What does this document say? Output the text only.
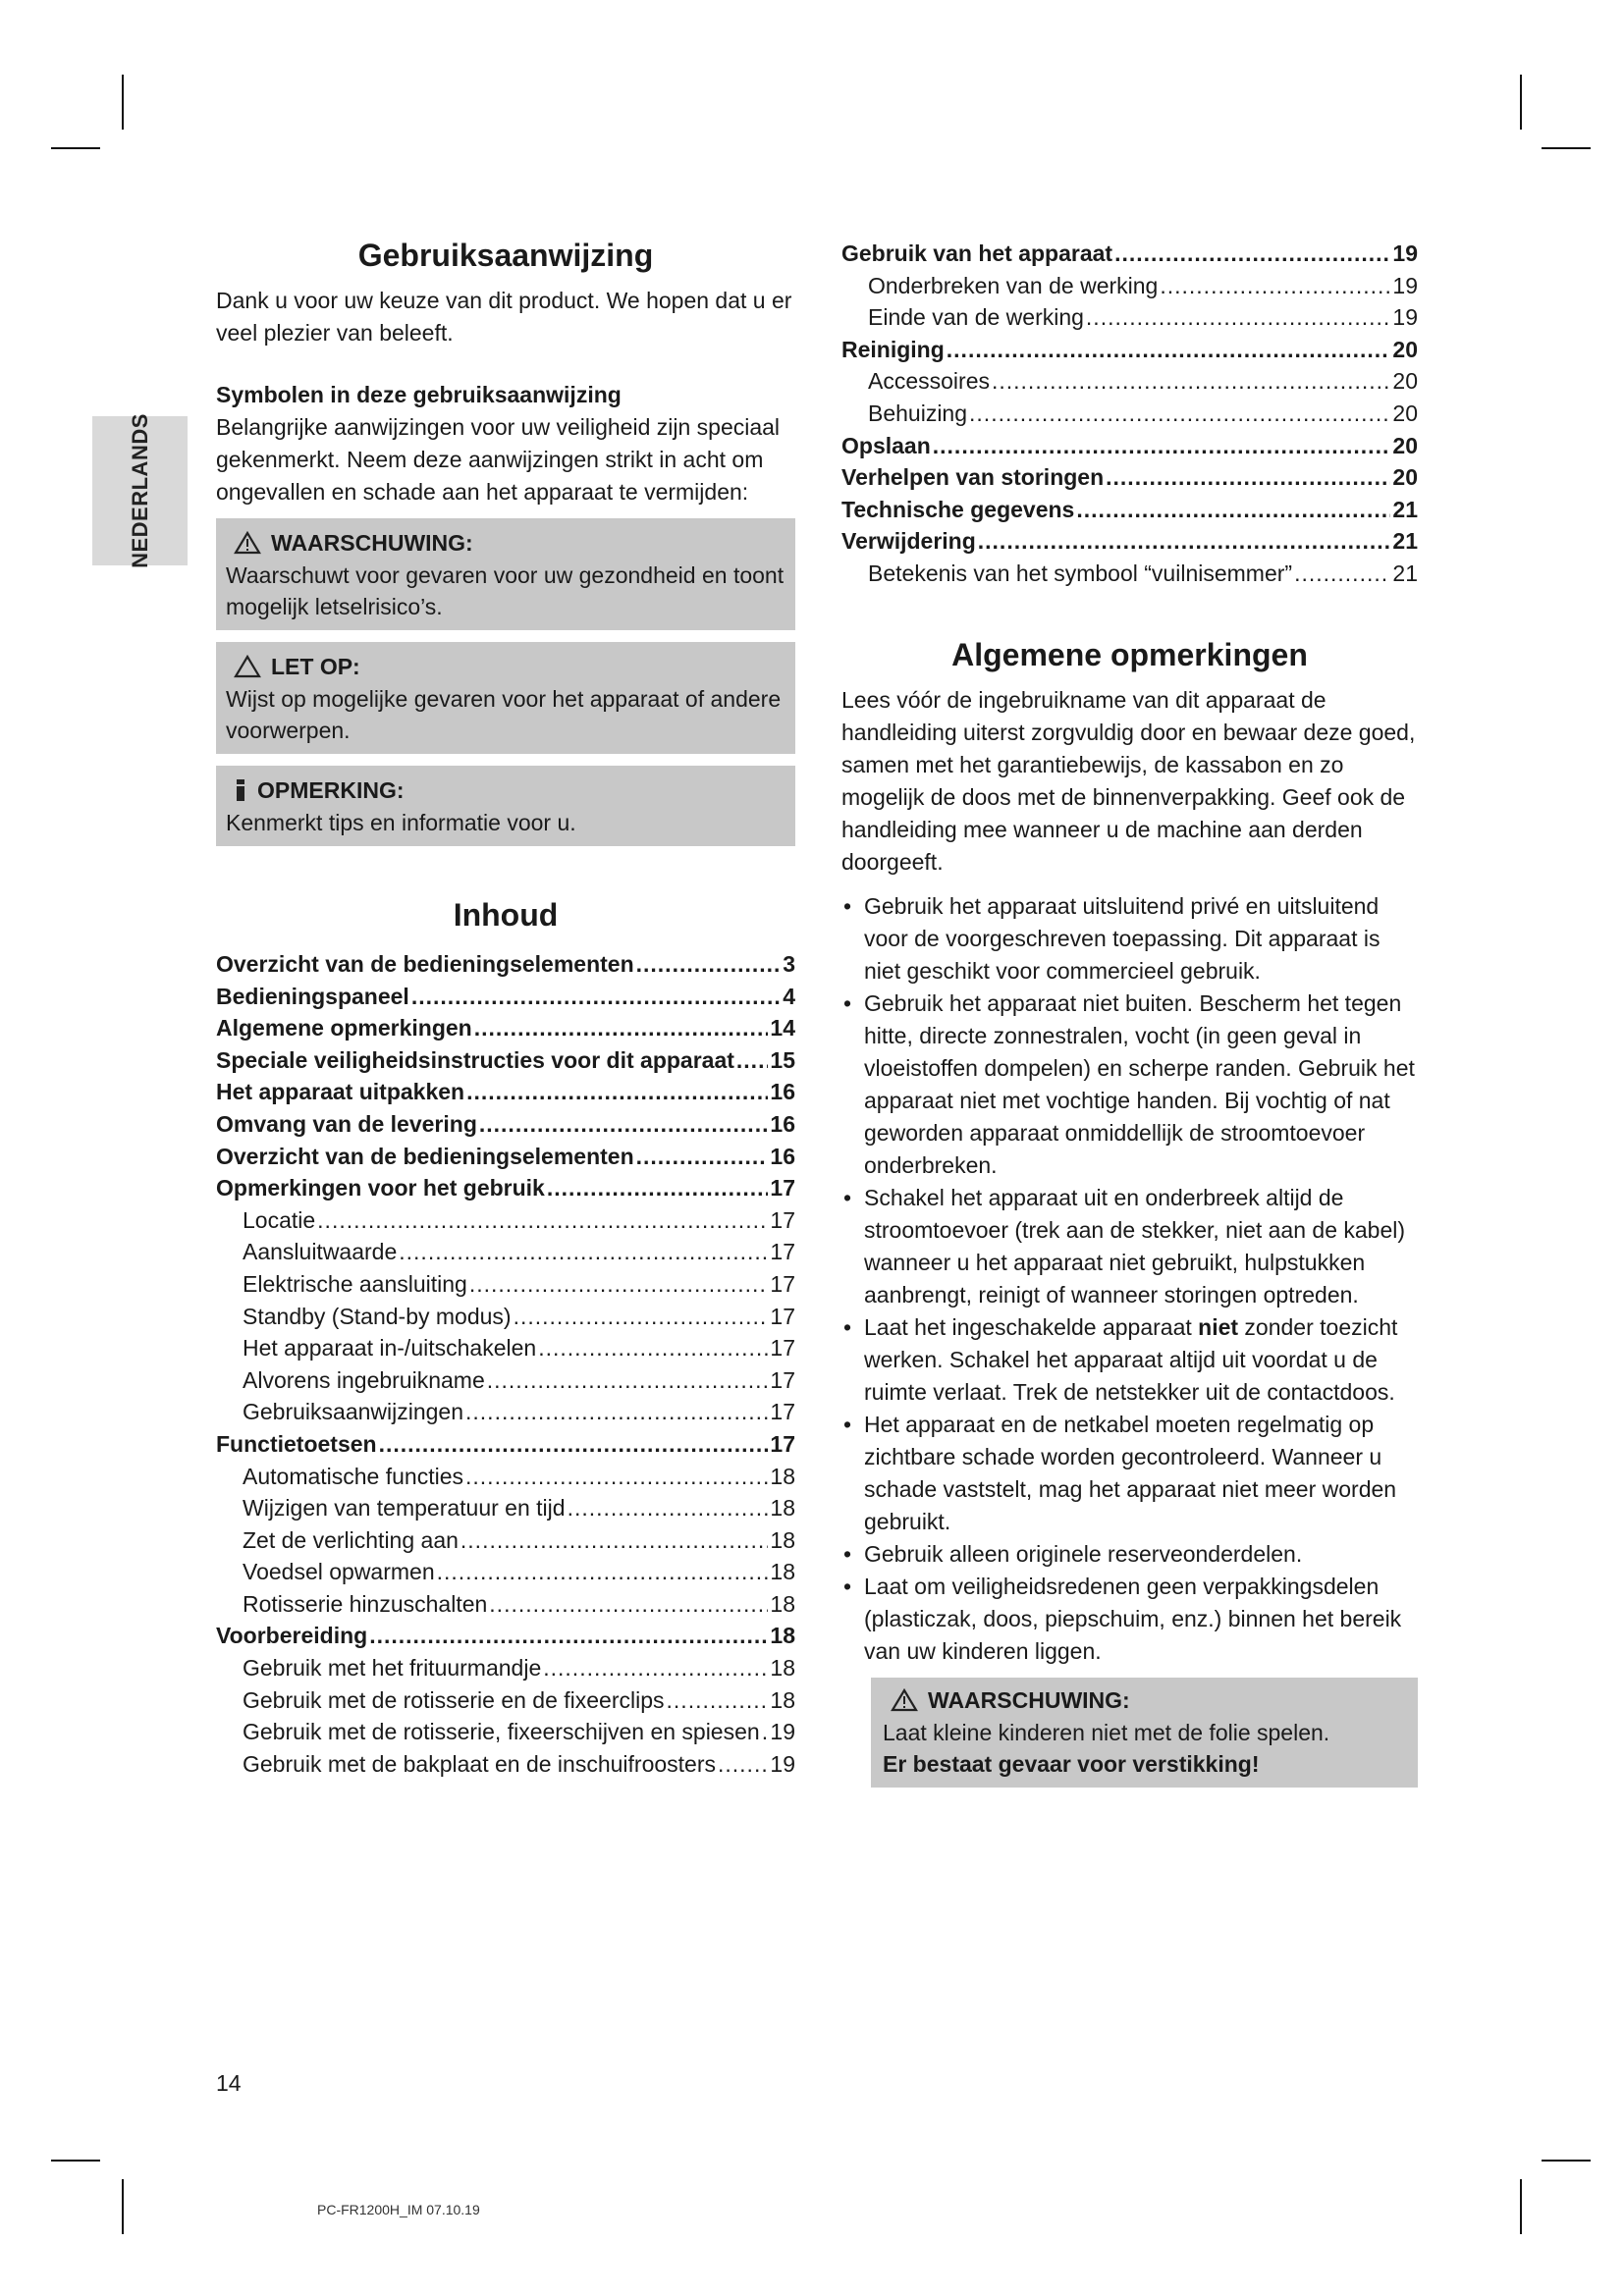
NEDERLANDS
Gebruiksaanwijzing

Dank u voor uw keuze van dit product. We hopen dat u er veel plezier van beleeft.

Symbolen in deze gebruiksaanwijzing

Belangrijke aanwijzingen voor uw veiligheid zijn speciaal gekenmerkt. Neem deze aanwijzingen strikt in acht om ongevallen en schade aan het apparaat te vermijden:

WAARSCHUWING:

Waarschuwt voor gevaren voor uw gezondheid en toont mogelijk letselrisico’s.

LET OP:

Wijst op mogelijke gevaren voor het apparaat of andere voorwerpen.

OPMERKING:

Kenmerkt tips en informatie voor u.

Inhoud
Overzicht van de bedieningselementen .....	3
Bedieningspaneel .....	4
Algemene opmerkingen .....	14
Speciale veiligheidsinstructies voor dit apparaat ..... 15
Het apparaat uitpakken .....	16
Omvang van de levering .....	16
Overzicht van de bedieningselementen .....	16
Opmerkingen voor het gebruik .....	17
Locatie .....	17
Aansluitwaarde .....	17
Elektrische aansluiting .....	17
Standby (Stand-by modus) .....	17
Het apparaat in-/uitschakelen .....	17
Alvorens ingebruikname .....	17
Gebruiksaanwijzingen .....	17
Functietoetsen .....	17
Automatische functies .....	18
Wijzigen van temperatuur en tijd .....	18
Zet de verlichting aan .....	18
Voedsel opwarmen .....	18
Rotisserie hinzuschalten .....	18
Voorbereiding .....	18
Gebruik met het frituurmandje .....	18
Gebruik met de rotisserie en de fixeerclips .....	18
Gebruik met de rotisserie, fixeerschijven en spiesen ..... 19
Gebruik met de bakplaat en de inschuifroosters ..... 19
Gebruik van het apparaat .....	19
Onderbreken van de werking .....	19
Einde van de werking .....	19
Reiniging .....	20
Accessoires .....	20
Behuizing .....	20
Opslaan .....	20
Verhelpen van storingen .....	20
Technische gegevens .....	21
Verwijdering .....	21
Betekenis van het symbool “vuilnisemmer” .....	21
Algemene opmerkingen

Lees vóór de ingebruikname van dit apparaat de handleiding uiterst zorgvuldig door en bewaar deze goed, samen met het garantiebewijs, de kassabon en zo mogelijk de doos met de binnenverpakking. Geef ook de handleiding mee wanneer u de machine aan derden doorgeeft.

• Gebruik het apparaat uitsluitend privé en uitsluitend voor de voorgeschreven toepassing. Dit apparaat is niet geschikt voor commercieel gebruik.
• Gebruik het apparaat niet buiten. Bescherm het tegen hitte, directe zonnestralen, vocht (in geen geval in vloeistoffen dompelen) en scherpe randen. Gebruik het apparaat niet met vochtige handen. Bij vochtig of nat geworden apparaat onmiddellijk de stroomtoevoer onderbreken.
• Schakel het apparaat uit en onderbreek altijd de stroomtoevoer (trek aan de stekker, niet aan de kabel) wanneer u het apparaat niet gebruikt, hulpstukken aanbrengt, reinigt of wanneer storingen optreden.
• Laat het ingeschakelde apparaat niet zonder toezicht werken. Schakel het apparaat altijd uit voordat u de ruimte verlaat. Trek de netstekker uit de contactdoos.
• Het apparaat en de netkabel moeten regelmatig op zichtbare schade worden gecontroleerd. Wanneer u schade vaststelt, mag het apparaat niet meer worden gebruikt.
• Gebruik alleen originele reserveonderdelen.
• Laat om veiligheidsredenen geen verpakkingsdelen (plasticzak, doos, piepschuim, enz.) binnen het bereik van uw kinderen liggen.
WAARSCHUWING:

Laat kleine kinderen niet met de folie spelen.

Er bestaat gevaar voor verstikking!

14
PC-FR1200H_IM 07.10.19
